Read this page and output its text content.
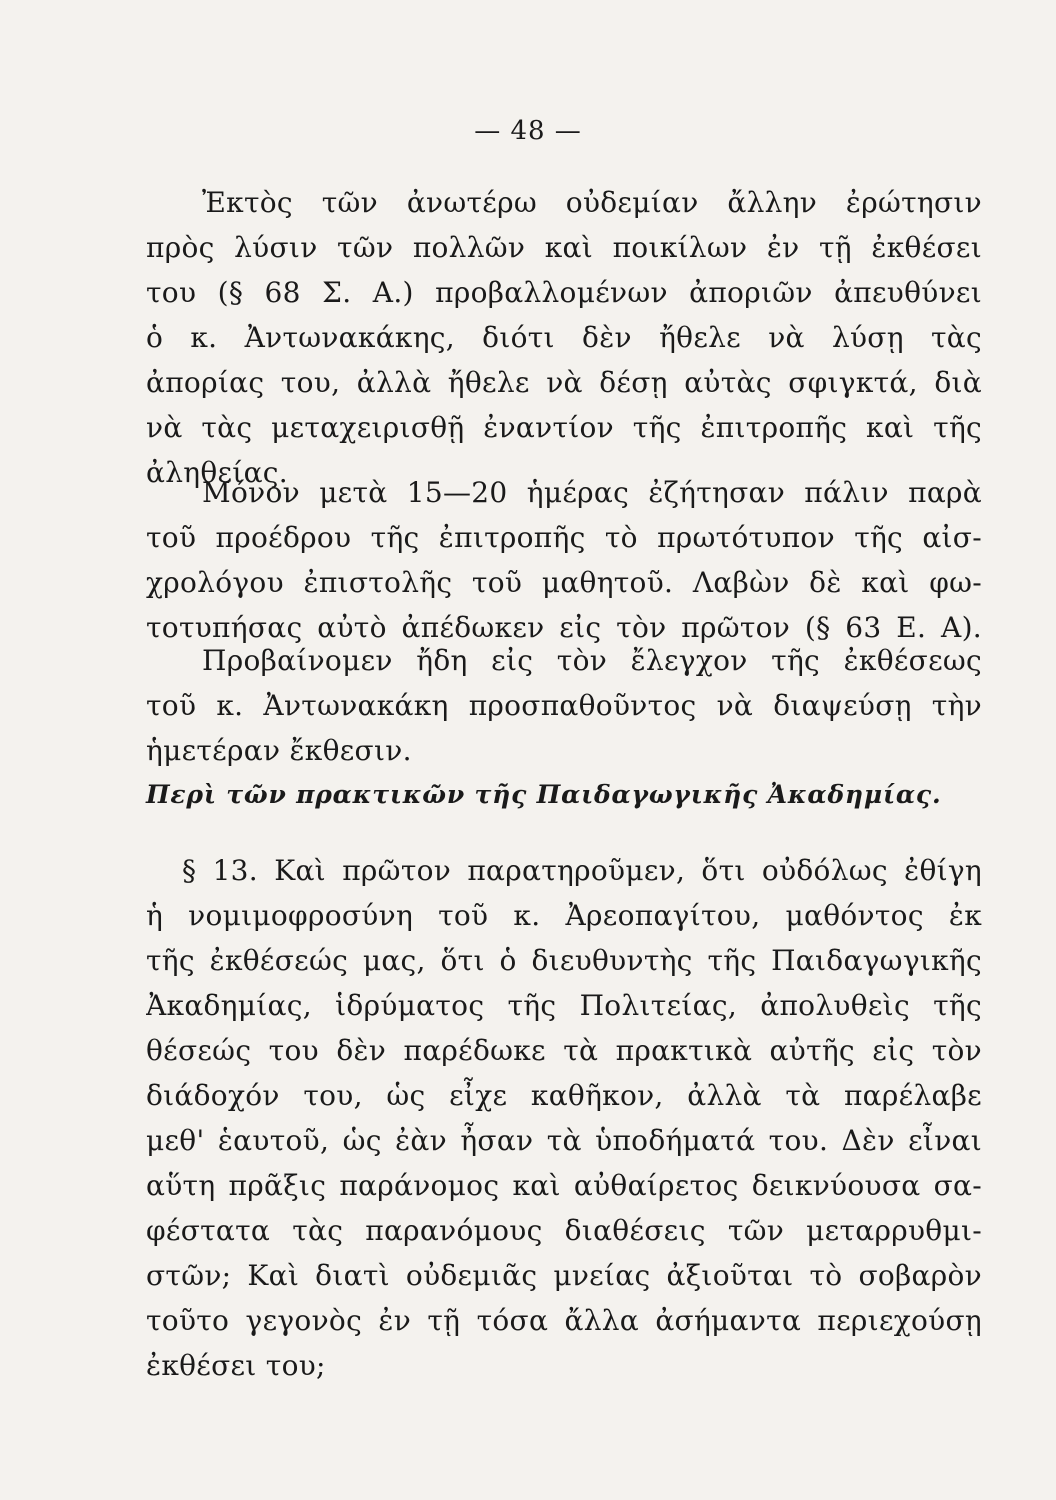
— 48 —
Ἐκτὸς τῶν ἀνωτέρω οὐδεμίαν ἄλλην ἐρώτησιν
πρὸς λύσιν τῶν πολλῶν καὶ ποικίλων ἐν τῇ ἐκθέσει
του (§ 68 Σ. Α.) προβαλλομένων ἀποριῶν ἀπευθύνει
ὁ κ. Ἀντωνακάκης, διότι δὲν ἤθελε νὰ λύσῃ τὰς
ἀπορίας του, ἀλλὰ ἤθελε νὰ δέσῃ αὐτὰς σφιγκτά, διὰ
νὰ τὰς μεταχειρισθῇ ἐναντίον τῆς ἐπιτροπῆς καὶ τῆς
ἀληθείας.
Μόνον μετὰ 15—20 ἡμέρας ἐζήτησαν πάλιν παρὰ
τοῦ προέδρου τῆς ἐπιτροπῆς τὸ πρωτότυπον τῆς αἰσ-
χρολόγου ἐπιστολῆς τοῦ μαθητοῦ. Λαβὼν δὲ καὶ φω-
τοτυπήσας αὐτὸ ἀπέδωκεν εἰς τὸν πρῶτον (§ 63 Ε. Α).
Προβαίνομεν ἤδη εἰς τὸν ἔλεγχον τῆς ἐκθέσεως
τοῦ κ. Ἀντωνακάκη προσπαθοῦντος νὰ διαψεύσῃ τὴν
ἡμετέραν ἔκθεσιν.
Περὶ τῶν πρακτικῶν τῆς Παιδαγωγικῆς Ἀκαδημίας.
§ 13. Καὶ πρῶτον παρατηροῦμεν, ὅτι οὐδόλως ἐθίγη
ἡ νομιμοφροσύνη τοῦ κ. Ἀρεοπαγίτου, μαθόντος ἐκ
τῆς ἐκθέσεώς μας, ὅτι ὁ διευθυντὴς τῆς Παιδαγωγικῆς
Ἀκαδημίας, ἱδρύματος τῆς Πολιτείας, ἀπολυθεὶς τῆς
θέσεώς του δὲν παρέδωκε τὰ πρακτικὰ αὐτῆς εἰς τὸν
διάδοχόν του, ὡς εἶχε καθῆκον, ἀλλὰ τὰ παρέλαβε
μεθ' ἑαυτοῦ, ὡς ἐὰν ἦσαν τὰ ὑποδήματά του. Δὲν εἶναι
αὕτη πρᾶξις παράνομος καὶ αὐθαίρετος δεικνύουσα σα-
φέστατα τὰς παρανόμους διαθέσεις τῶν μεταρρυθμι-
στῶν; Καὶ διατὶ οὐδεμιᾶς μνείας ἀξιοῦται τὸ σοβαρὸν
τοῦτο γεγονὸς ἐν τῇ τόσα ἄλλα ἀσήμαντα περιεχούσῃ
ἐκθέσει του;
